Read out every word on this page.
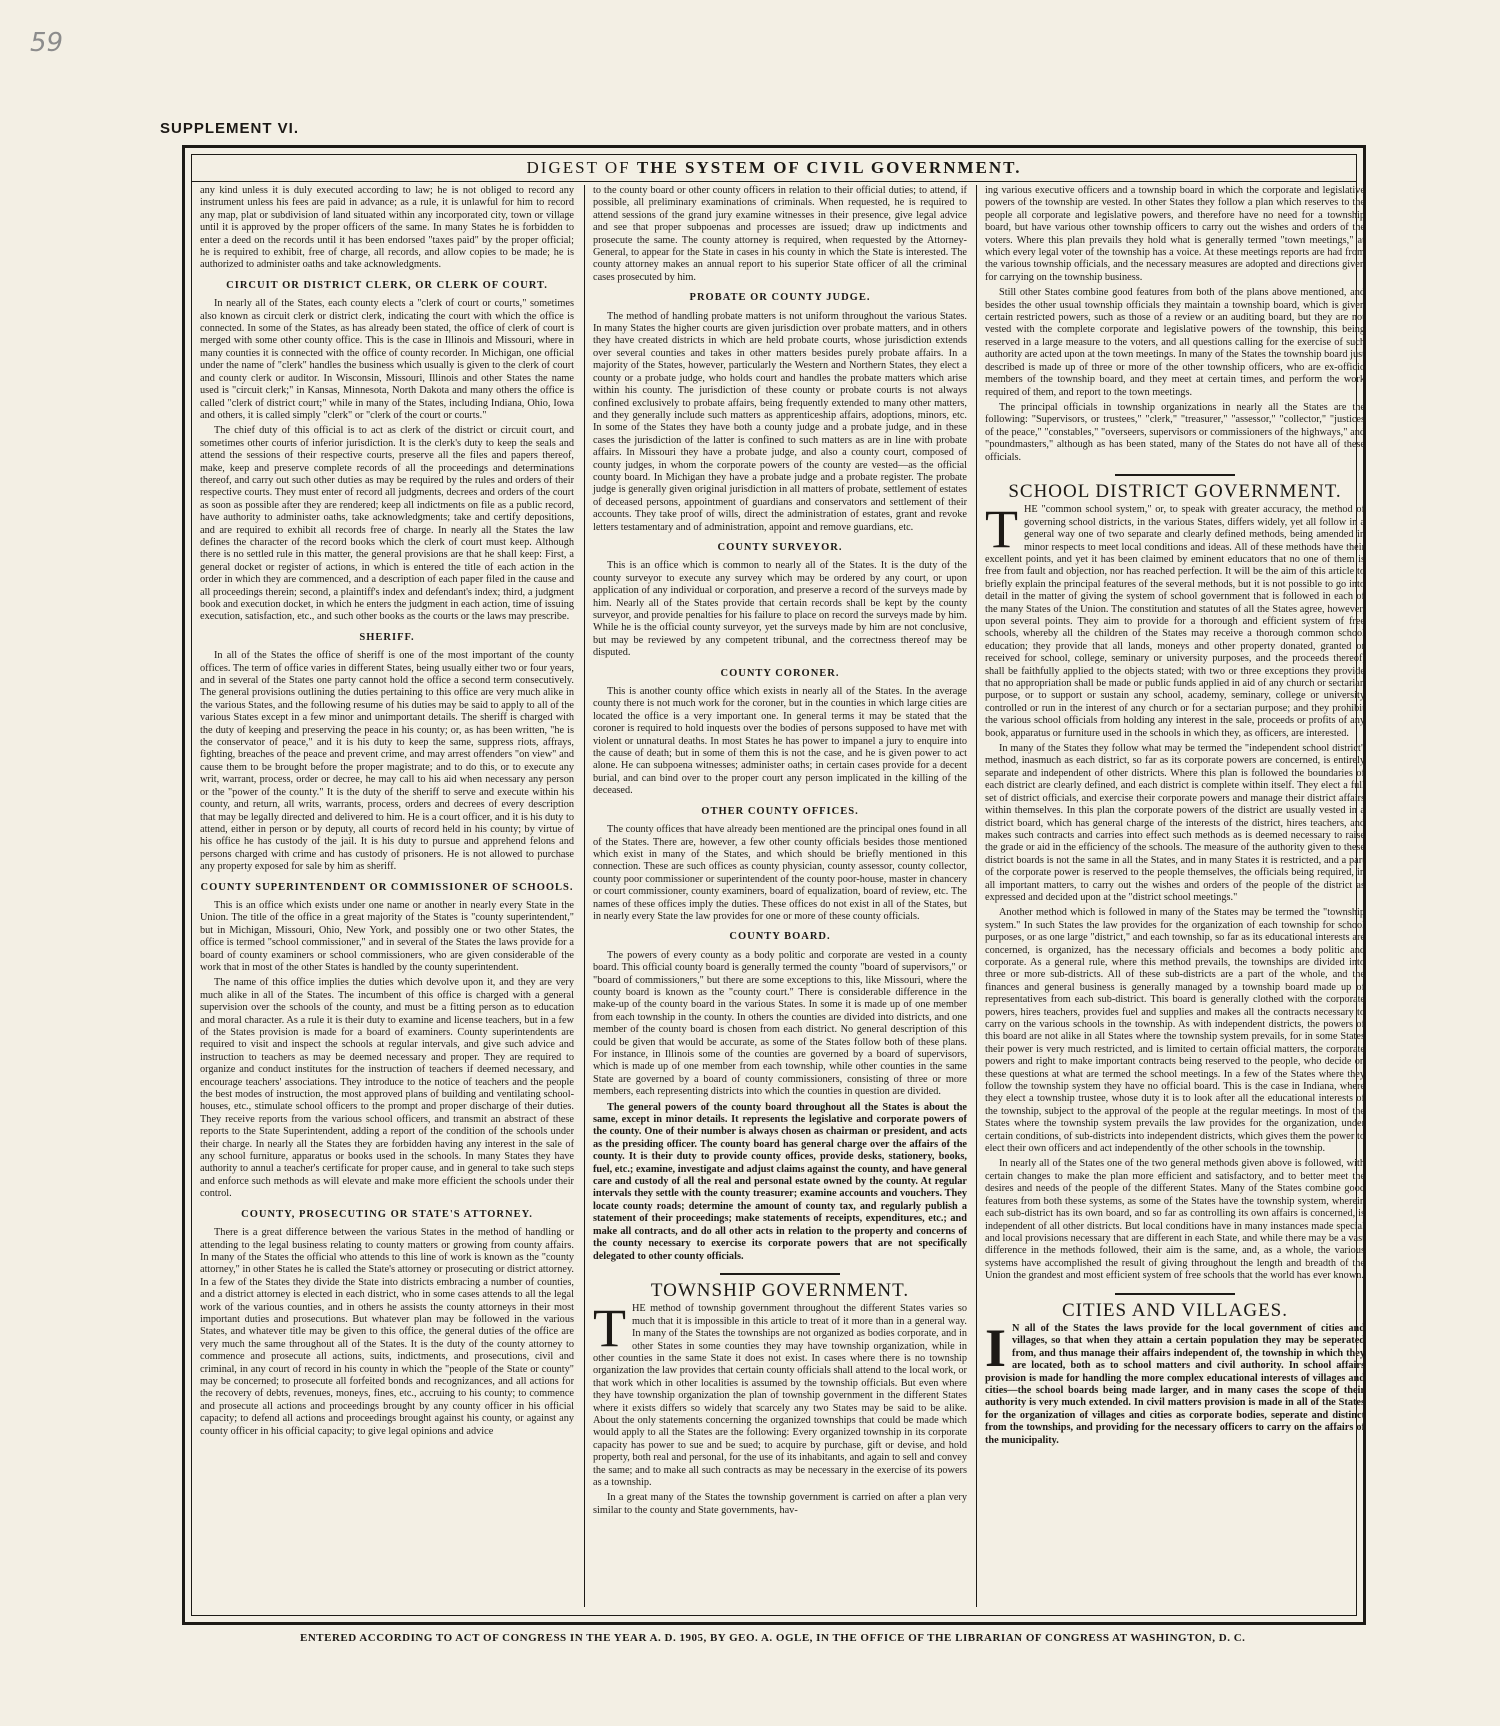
59
SUPPLEMENT VI.
DIGEST OF THE SYSTEM OF CIVIL GOVERNMENT.

any kind unless it is duly executed according to law; he is not obliged to record any instrument unless his fees are paid in advance; as a rule, it is unlawful for him to record any map, plat or subdivision of land situated within any incorporated city, town or village until it is approved by the proper officers of the same. In many States he is forbidden to enter a deed on the records until it has been endorsed "taxes paid" by the proper official; he is required to exhibit, free of charge, all records, and allow copies to be made; he is authorized to administer oaths and take acknowledgments.

CIRCUIT OR DISTRICT CLERK, OR CLERK OF COURT.

In nearly all of the States, each county elects a "clerk of court or courts," sometimes also known as circuit clerk or district clerk, indicating the court with which the office is connected. In some of the States, as has already been stated, the office of clerk of court is merged with some other county office. This is the case in Illinois and Missouri, where in many counties it is connected with the office of county recorder. In Michigan, one official under the name of "clerk" handles the business which usually is given to the clerk of court and county clerk or auditor. In Wisconsin, Missouri, Illinois and other States the name used is "circuit clerk;" in Kansas, Minnesota, North Dakota and many others the office is called "clerk of district court;" while in many of the States, including Indiana, Ohio, Iowa and others, it is called simply "clerk" or "clerk of the court or courts."

The chief duty of this official is to act as clerk of the district or circuit court, and sometimes other courts of inferior jurisdiction. It is the clerk's duty to keep the seals and attend the sessions of their respective courts, preserve all the files and papers thereof, make, keep and preserve complete records of all the proceedings and determinations thereof, and carry out such other duties as may be required by the rules and orders of their respective courts. They must enter of record all judgments, decrees and orders of the court as soon as possible after they are rendered; keep all indictments on file as a public record, have authority to administer oaths, take acknowledgments; take and certify depositions, and are required to exhibit all records free of charge. In nearly all the States the law defines the character of the record books which the clerk of court must keep. Although there is no settled rule in this matter, the general provisions are that he shall keep: First, a general docket or register of actions, in which is entered the title of each action in the order in which they are commenced, and a description of each paper filed in the cause and all proceedings therein; second, a plaintiff's index and defendant's index; third, a judgment book and execution docket, in which he enters the judgment in each action, time of issuing execution, satisfaction, etc., and such other books as the courts or the laws may prescribe.

SHERIFF.

In all of the States the office of sheriff is one of the most important of the county offices. The term of office varies in different States, being usually either two or four years, and in several of the States one party cannot hold the office a second term consecutively. The general provisions outlining the duties pertaining to this office are very much alike in the various States, and the following resume of his duties may be said to apply to all of the various States except in a few minor and unimportant details. The sheriff is charged with the duty of keeping and preserving the peace in his county; or, as has been written, "he is the conservator of peace," and it is his duty to keep the same, suppress riots, affrays, fighting, breaches of the peace and prevent crime, and may arrest offenders "on view" and cause them to be brought before the proper magistrate; and to do this, or to execute any writ, warrant, process, order or decree, he may call to his aid when necessary any person or the "power of the county." It is the duty of the sheriff to serve and execute within his county, and return, all writs, warrants, process, orders and decrees of every description that may be legally directed and delivered to him. He is a court officer, and it is his duty to attend, either in person or by deputy, all courts of record held in his county; by virtue of his office he has custody of the jail. It is his duty to pursue and apprehend felons and persons charged with crime and has custody of prisoners. He is not allowed to purchase any property exposed for sale by him as sheriff.

COUNTY SUPERINTENDENT OR COMMISSIONER OF SCHOOLS.

This is an office which exists under one name or another in nearly every State in the Union. The title of the office in a great majority of the States is "county superintendent," but in Michigan, Missouri, Ohio, New York, and possibly one or two other States, the office is termed "school commissioner," and in several of the States the laws provide for a board of county examiners or school commissioners, who are given considerable of the work that in most of the other States is handled by the county superintendent.

The name of this office implies the duties which devolve upon it, and they are very much alike in all of the States. The incumbent of this office is charged with a general supervision over the schools of the county, and must be a fitting person as to education and moral character. As a rule it is their duty to examine and license teachers, but in a few of the States provision is made for a board of examiners. County superintendents are required to visit and inspect the schools at regular intervals, and give such advice and instruction to teachers as may be deemed necessary and proper. They are required to organize and conduct institutes for the instruction of teachers if deemed necessary, and encourage teachers' associations. They introduce to the notice of teachers and the people the best modes of instruction, the most approved plans of building and ventilating school-houses, etc., stimulate school officers to the prompt and proper discharge of their duties. They receive reports from the various school officers, and transmit an abstract of these reports to the State Superintendent, adding a report of the condition of the schools under their charge. In nearly all the States they are forbidden having any interest in the sale of any school furniture, apparatus or books used in the schools. In many States they have authority to annul a teacher's certificate for proper cause, and in general to take such steps and enforce such methods as will elevate and make more efficient the schools under their control.

COUNTY, PROSECUTING OR STATE'S ATTORNEY.

There is a great difference between the various States in the method of handling or attending to the legal business relating to county matters or growing from county affairs. In many of the States the official who attends to this line of work is known as the "county attorney," in other States he is called the State's attorney or prosecuting or district attorney. In a few of the States they divide the State into districts embracing a number of counties, and a district attorney is elected in each district, who in some cases attends to all the legal work of the various counties, and in others he assists the county attorneys in their most important duties and prosecutions. But whatever plan may be followed in the various States, and whatever title may be given to this office, the general duties of the office are very much the same throughout all of the States. It is the duty of the county attorney to commence and prosecute all actions, suits, indictments, and prosecutions, civil and criminal, in any court of record in his county in which the "people of the State or county" may be concerned; to prosecute all forfeited bonds and recognizances, and all actions for the recovery of debts, revenues, moneys, fines, etc., accruing to his county; to commence and prosecute all actions and proceedings brought by any county officer in his official capacity; to defend all actions and proceedings brought against his county, or against any county officer in his official capacity; to give legal opinions and advice

to the county board or other county officers in relation to their official duties; to attend, if possible, all preliminary examinations of criminals. When requested, he is required to attend sessions of the grand jury examine witnesses in their presence, give legal advice and see that proper subpoenas and processes are issued; draw up indictments and prosecute the same. The county attorney is required, when requested by the Attorney-General, to appear for the State in cases in his county in which the State is interested. The county attorney makes an annual report to his superior State officer of all the criminal cases prosecuted by him.

PROBATE OR COUNTY JUDGE.

The method of handling probate matters is not uniform throughout the various States. In many States the higher courts are given jurisdiction over probate matters, and in others they have created districts in which are held probate courts, whose jurisdiction extends over several counties and takes in other matters besides purely probate affairs. In a majority of the States, however, particularly the Western and Northern States, they elect a county or a probate judge, who holds court and handles the probate matters which arise within his county. The jurisdiction of these county or probate courts is not always confined exclusively to probate affairs, being frequently extended to many other matters, and they generally include such matters as apprenticeship affairs, adoptions, minors, etc. In some of the States they have both a county judge and a probate judge, and in these cases the jurisdiction of the latter is confined to such matters as are in line with probate affairs. In Missouri they have a probate judge, and also a county court, composed of county judges, in whom the corporate powers of the county are vested—as the official county board. In Michigan they have a probate judge and a probate register. The probate judge is generally given original jurisdiction in all matters of probate, settlement of estates of deceased persons, appointment of guardians and conservators and settlement of their accounts. They take proof of wills, direct the administration of estates, grant and revoke letters testamentary and of administration, appoint and remove guardians, etc.

COUNTY SURVEYOR.

This is an office which is common to nearly all of the States. It is the duty of the county surveyor to execute any survey which may be ordered by any court, or upon application of any individual or corporation, and preserve a record of the surveys made by him. Nearly all of the States provide that certain records shall be kept by the county surveyor, and provide penalties for his failure to place on record the surveys made by him. While he is the official county surveyor, yet the surveys made by him are not conclusive, but may be reviewed by any competent tribunal, and the correctness thereof may be disputed.

COUNTY CORONER.

This is another county office which exists in nearly all of the States. In the average county there is not much work for the coroner, but in the counties in which large cities are located the office is a very important one. In general terms it may be stated that the coroner is required to hold inquests over the bodies of persons supposed to have met with violent or unnatural deaths. In most States he has power to impanel a jury to enquire into the cause of death; but in some of them this is not the case, and he is given power to act alone. He can subpoena witnesses; administer oaths; in certain cases provide for a decent burial, and can bind over to the proper court any person implicated in the killing of the deceased.

OTHER COUNTY OFFICES.

The county offices that have already been mentioned are the principal ones found in all of the States. There are, however, a few other county officials besides those mentioned which exist in many of the States, and which should be briefly mentioned in this connection. These are such offices as county physician, county assessor, county collector, county poor commissioner or superintendent of the county poor-house, master in chancery or court commissioner, county examiners, board of equalization, board of review, etc. The names of these offices imply the duties. These offices do not exist in all of the States, but in nearly every State the law provides for one or more of these county officials.

COUNTY BOARD.

The powers of every county as a body politic and corporate are vested in a county board. This official county board is generally termed the county "board of supervisors," or "board of commissioners," but there are some exceptions to this, like Missouri, where the county board is known as the "county court." There is considerable difference in the make-up of the county board in the various States. In some it is made up of one member from each township in the county. In others the counties are divided into districts, and one member of the county board is chosen from each district. No general description of this could be given that would be accurate, as some of the States follow both of these plans. For instance, in Illinois some of the counties are governed by a board of supervisors, which is made up of one member from each township, while other counties in the same State are governed by a board of county commissioners, consisting of three or more members, each representing districts into which the counties in question are divided.

The general powers of the county board throughout all the States is about the same, except in minor details. It represents the legislative and corporate powers of the county. One of their number is always chosen as chairman or president, and acts as the presiding officer. The county board has general charge over the affairs of the county. It is their duty to provide county offices, provide desks, stationery, books, fuel, etc.; examine, investigate and adjust claims against the county, and have general care and custody of all the real and personal estate owned by the county. At regular intervals they settle with the county treasurer; examine accounts and vouchers. They locate county roads; determine the amount of county tax, and regularly publish a statement of their proceedings; make statements of receipts, expenditures, etc.; and make all contracts, and do all other acts in relation to the property and concerns of the county necessary to exercise its corporate powers that are not specifically delegated to other county officials.

TOWNSHIP GOVERNMENT.

THE method of township government throughout the different States varies so much that it is impossible in this article to treat of it more than in a general way. In many of the States the townships are not organized as bodies corporate, and in other States in some counties they may have township organization, while in other counties in the same State it does not exist. In cases where there is no township organization the law provides that certain county officials shall attend to the local work, or that work which in other localities is assumed by the township officials. But even where they have township organization the plan of township government in the different States where it exists differs so widely that scarcely any two States may be said to be alike. About the only statements concerning the organized townships that could be made which would apply to all the States are the following: Every organized township in its corporate capacity has power to sue and be sued; to acquire by purchase, gift or devise, and hold property, both real and personal, for the use of its inhabitants, and again to sell and convey the same; and to make all such contracts as may be necessary in the exercise of its powers as a township.

In a great many of the States the township government is carried on after a plan very similar to the county and State governments, hav-

ing various executive officers and a township board in which the corporate and legislative powers of the township are vested. In other States they follow a plan which reserves to the people all corporate and legislative powers, and therefore have no need for a township board, but have various other township officers to carry out the wishes and orders of the voters. Where this plan prevails they hold what is generally termed "town meetings," at which every legal voter of the township has a voice. At these meetings reports are had from the various township officials, and the necessary measures are adopted and directions given for carrying on the township business.

Still other States combine good features from both of the plans above mentioned, and besides the other usual township officials they maintain a township board, which is given certain restricted powers, such as those of a review or an auditing board, but they are not vested with the complete corporate and legislative powers of the township, this being reserved in a large measure to the voters, and all questions calling for the exercise of such authority are acted upon at the town meetings. In many of the States the township board just described is made up of three or more of the other township officers, who are ex-officio members of the township board, and they meet at certain times, and perform the work required of them, and report to the town meetings.

The principal officials in township organizations in nearly all the States are the following: "Supervisors, or trustees," "clerk," "treasurer," "assessor," "collector," "justices of the peace," "constables," "overseers, supervisors or commissioners of the highways," and "poundmasters," although as has been stated, many of the States do not have all of these officials.

SCHOOL DISTRICT GOVERNMENT.

THE "common school system," or, to speak with greater accuracy, the method of governing school districts, in the various States, differs widely, yet all follow in a general way one of two separate and clearly defined methods, being amended in minor respects to meet local conditions and ideas. All of these methods have their excellent points, and yet it has been claimed by eminent educators that no one of them is free from fault and objection, nor has reached perfection. It will be the aim of this article to briefly explain the principal features of the several methods, but it is not possible to go into detail in the matter of giving the system of school government that is followed in each of the many States of the Union. The constitution and statutes of all the States agree, however, upon several points. They aim to provide for a thorough and efficient system of free schools, whereby all the children of the States may receive a thorough common school education; they provide that all lands, moneys and other property donated, granted or received for school, college, seminary or university purposes, and the proceeds thereof, shall be faithfully applied to the objects stated; with two or three exceptions they provide that no appropriation shall be made or public funds applied in aid of any church or sectarian purpose, or to support or sustain any school, academy, seminary, college or university controlled or run in the interest of any church or for a sectarian purpose; and they prohibit the various school officials from holding any interest in the sale, proceeds or profits of any book, apparatus or furniture used in the schools in which they, as officers, are interested.

In many of the States they follow what may be termed the "independent school district" method, inasmuch as each district, so far as its corporate powers are concerned, is entirely separate and independent of other districts. Where this plan is followed the boundaries of each district are clearly defined, and each district is complete within itself. They elect a full set of district officials, and exercise their corporate powers and manage their district affairs within themselves. In this plan the corporate powers of the district are usually vested in a district board, which has general charge of the interests of the district, hires teachers, and makes such contracts and carries into effect such methods as is deemed necessary to raise the grade or aid in the efficiency of the schools. The measure of the authority given to these district boards is not the same in all the States, and in many States it is restricted, and a part of the corporate power is reserved to the people themselves, the officials being required, in all important matters, to carry out the wishes and orders of the people of the district as expressed and decided upon at the "district school meetings."

Another method which is followed in many of the States may be termed the "township system." In such States the law provides for the organization of each township for school purposes, or as one large "district," and each township, so far as its educational interests are concerned, is organized, has the necessary officials and becomes a body politic and corporate. As a general rule, where this method prevails, the townships are divided into three or more sub-districts. All of these sub-districts are a part of the whole, and the finances and general business is generally managed by a township board made up of representatives from each sub-district. This board is generally clothed with the corporate powers, hires teachers, provides fuel and supplies and makes all the contracts necessary to carry on the various schools in the township. As with independent districts, the powers of this board are not alike in all States where the township system prevails, for in some States their power is very much restricted, and is limited to certain official matters, the corporate powers and right to make important contracts being reserved to the people, who decide on these questions at what are termed the school meetings. In a few of the States where they follow the township system they have no official board. This is the case in Indiana, where they elect a township trustee, whose duty it is to look after all the educational interests of the township, subject to the approval of the people at the regular meetings. In most of the States where the township system prevails the law provides for the organization, under certain conditions, of sub-districts into independent districts, which gives them the power to elect their own officers and act independently of the other schools in the township.

In nearly all of the States one of the two general methods given above is followed, with certain changes to make the plan more efficient and satisfactory, and to better meet the desires and needs of the people of the different States. Many of the States combine good features from both these systems, as some of the States have the township system, wherein each sub-district has its own board, and so far as controlling its own affairs is concerned, is independent of all other districts. But local conditions have in many instances made special and local provisions necessary that are different in each State, and while there may be a vast difference in the methods followed, their aim is the same, and, as a whole, the various systems have accomplished the result of giving throughout the length and breadth of the Union the grandest and most efficient system of free schools that the world has ever known.

CITIES AND VILLAGES.

I N all of the States the laws provide for the local government of cities and villages, so that when they attain a certain population they may be seperated from, and thus manage their affairs independent of, the township in which they are located, both as to school matters and civil authority. In school affairs provision is made for handling the more complex educational interests of villages and cities—the school boards being made larger, and in many cases the scope of their authority is very much extended. In civil matters provision is made in all of the States for the organization of villages and cities as corporate bodies, seperate and distinct from the townships, and providing for the necessary officers to carry on the affairs of the municipality.

ENTERED ACCORDING TO ACT OF CONGRESS IN THE YEAR A. D. 1905, BY GEO. A. OGLE, IN THE OFFICE OF THE LIBRARIAN OF CONGRESS AT WASHINGTON, D. C.
